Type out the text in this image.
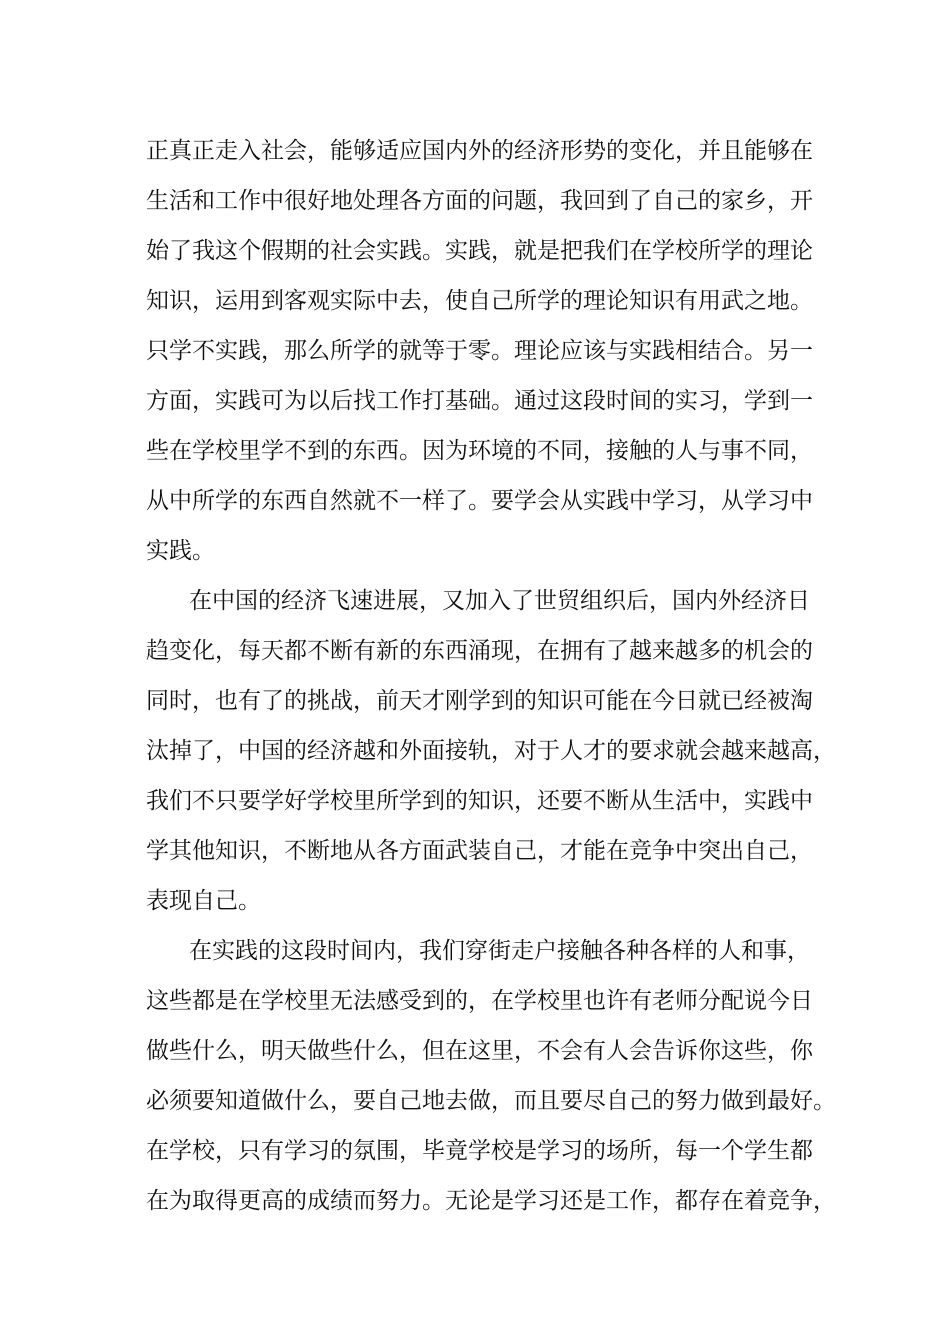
正真正走入社会，能够适应国内外的经济形势的变化，并且能够在
生活和工作中很好地处理各方面的问题，我回到了自己的家乡，开
始了我这个假期的社会实践。实践，就是把我们在学校所学的理论
知识，运用到客观实际中去，使自己所学的理论知识有用武之地。
只学不实践，那么所学的就等于零。理论应该与实践相结合。另一
方面，实践可为以后找工作打基础。通过这段时间的实习，学到一
些在学校里学不到的东西。因为环境的不同，接触的人与事不同，
从中所学的东西自然就不一样了。要学会从实践中学习，从学习中
实践。
在中国的经济飞速进展，又加入了世贸组织后，国内外经济日
趋变化，每天都不断有新的东西涌现，在拥有了越来越多的机会的
同时，也有了的挑战，前天才刚学到的知识可能在今日就已经被淘
汰掉了，中国的经济越和外面接轨，对于人才的要求就会越来越高，
我们不只要学好学校里所学到的知识，还要不断从生活中，实践中
学其他知识，不断地从各方面武装自己，才能在竞争中突出自己，
表现自己。
在实践的这段时间内，我们穿街走户接触各种各样的人和事，
这些都是在学校里无法感受到的，在学校里也许有老师分配说今日
做些什么，明天做些什么，但在这里，不会有人会告诉你这些，你
必须要知道做什么，要自己地去做，而且要尽自己的努力做到最好。
在学校，只有学习的氛围，毕竟学校是学习的场所，每一个学生都
在为取得更高的成绩而努力。无论是学习还是工作，都存在着竞争，
